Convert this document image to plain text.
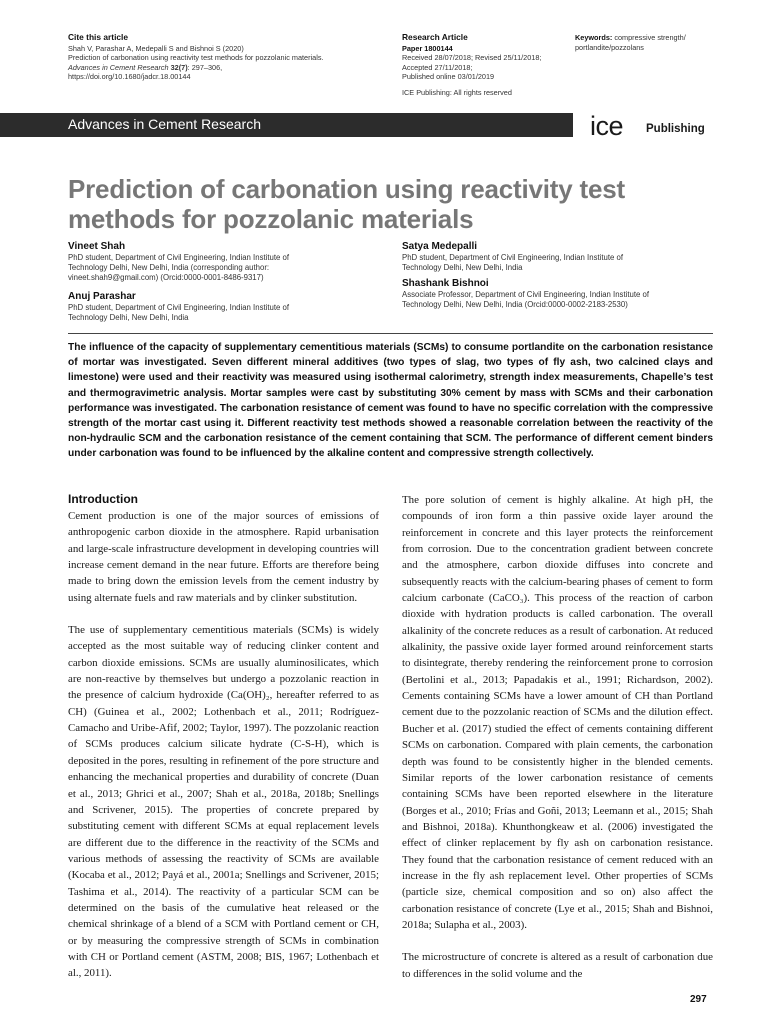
Cite this article
Shah V, Parashar A, Medepalli S and Bishnoi S (2020)
Prediction of carbonation using reactivity test methods for pozzolanic materials.
Advances in Cement Research 32(7): 297–306,
https://doi.org/10.1680/jadcr.18.00144
Research Article
Paper 1800144
Received 28/07/2018; Revised 25/11/2018;
Accepted 27/11/2018;
Published online 03/01/2019
ICE Publishing: All rights reserved
Keywords: compressive strength/
portlandite/pozzolans
Advances in Cement Research	ice Publishing
Prediction of carbonation using reactivity test methods for pozzolanic materials
Vineet Shah
PhD student, Department of Civil Engineering, Indian Institute of
Technology Delhi, New Delhi, India (corresponding author:
vineet.shah9@gmail.com) (Orcid:0000-0001-8486-9317)
Anuj Parashar
PhD student, Department of Civil Engineering, Indian Institute of
Technology Delhi, New Delhi, India
Satya Medepalli
PhD student, Department of Civil Engineering, Indian Institute of
Technology Delhi, New Delhi, India
Shashank Bishnoi
Associate Professor, Department of Civil Engineering, Indian Institute of
Technology Delhi, New Delhi, India (Orcid:0000-0002-2183-2530)

The influence of the capacity of supplementary cementitious materials (SCMs) to consume portlandite on the carbonation resistance of mortar was investigated. Seven different mineral additives (two types of slag, two types of fly ash, two calcined clays and limestone) were used and their reactivity was measured using isothermal calorimetry, strength index measurements, Chapelle’s test and thermogravimetric analysis. Mortar samples were cast by substituting 30% cement by mass with SCMs and their carbonation performance was investigated. The carbonation resistance of cement was found to have no specific correlation with the compressive strength of the mortar cast using it. Different reactivity test methods showed a reasonable correlation between the reactivity of the non-hydraulic SCM and the carbonation resistance of the cement containing that SCM. The performance of different cement binders under carbonation was found to be influenced by the alkaline content and compressive strength collectively.

Introduction

Cement production is one of the major sources of emissions of anthropogenic carbon dioxide in the atmosphere. Rapid urbanisation and large-scale infrastructure development in developing countries will increase cement demand in the near future. Efforts are therefore being made to bring down the emission levels from the cement industry by using alternate fuels and raw materials and by clinker substitution.

The use of supplementary cementitious materials (SCMs) is widely accepted as the most suitable way of reducing clinker content and carbon dioxide emissions. SCMs are usually aluminosilicates, which are non-reactive by themselves but undergo a pozzolanic reaction in the presence of calcium hydroxide (Ca(OH)₂, hereafter referred to as CH) (Guinea et al., 2002; Lothenbach et al., 2011; Rodríguez-Camacho and Uribe-Afif, 2002; Taylor, 1997). The pozzolanic reaction of SCMs produces calcium silicate hydrate (C-S-H), which is deposited in the pores, resulting in refinement of the pore structure and enhancing the mechanical properties and durability of concrete (Duan et al., 2013; Ghrici et al., 2007; Shah et al., 2018a, 2018b; Snellings and Scrivener, 2015). The properties of concrete prepared by substituting cement with different SCMs at equal replacement levels are different due to the difference in the reactivity of the SCMs and various methods of assessing the reactivity of SCMs are available (Kocaba et al., 2012; Payá et al., 2001a; Snellings and Scrivener, 2015; Tashima et al., 2014). The reactivity of a particular SCM can be determined on the basis of the cumulative heat released or the chemical shrinkage of a blend of a SCM with Portland cement or CH, or by measuring the compressive strength of SCMs in combination with CH or Portland cement (ASTM, 2008; BIS, 1967; Lothenbach et al., 2011).

The pore solution of cement is highly alkaline. At high pH, the compounds of iron form a thin passive oxide layer around the reinforcement in concrete and this layer protects the reinforcement from corrosion. Due to the concentration gradient between concrete and the atmosphere, carbon dioxide diffuses into concrete and subsequently reacts with the calcium-bearing phases of cement to form calcium carbonate (CaCO₃). This process of the reaction of carbon dioxide with hydration products is called carbonation. The overall alkalinity of the concrete reduces as a result of carbonation. At reduced alkalinity, the passive oxide layer formed around reinforcement starts to disintegrate, thereby rendering the reinforcement prone to corrosion (Bertolini et al., 2013; Papadakis et al., 1991; Richardson, 2002). Cements containing SCMs have a lower amount of CH than Portland cement due to the pozzolanic reaction of SCMs and the dilution effect. Bucher et al. (2017) studied the effect of cements containing different SCMs on carbonation. Compared with plain cements, the carbonation depth was found to be consistently higher in the blended cements. Similar reports of the lower carbonation resistance of cements containing SCMs have been reported elsewhere in the literature (Borges et al., 2010; Frías and Goñi, 2013; Leemann et al., 2015; Shah and Bishnoi, 2018a). Khunthongkeaw et al. (2006) investigated the effect of clinker replacement by fly ash on carbonation resistance. They found that the carbonation resistance of cement reduced with an increase in the fly ash replacement level. Other properties of SCMs (particle size, chemical composition and so on) also affect the carbonation resistance of concrete (Lye et al., 2015; Shah and Bishnoi, 2018a; Sulapha et al., 2003).

The microstructure of concrete is altered as a result of carbonation due to differences in the solid volume and the

297
